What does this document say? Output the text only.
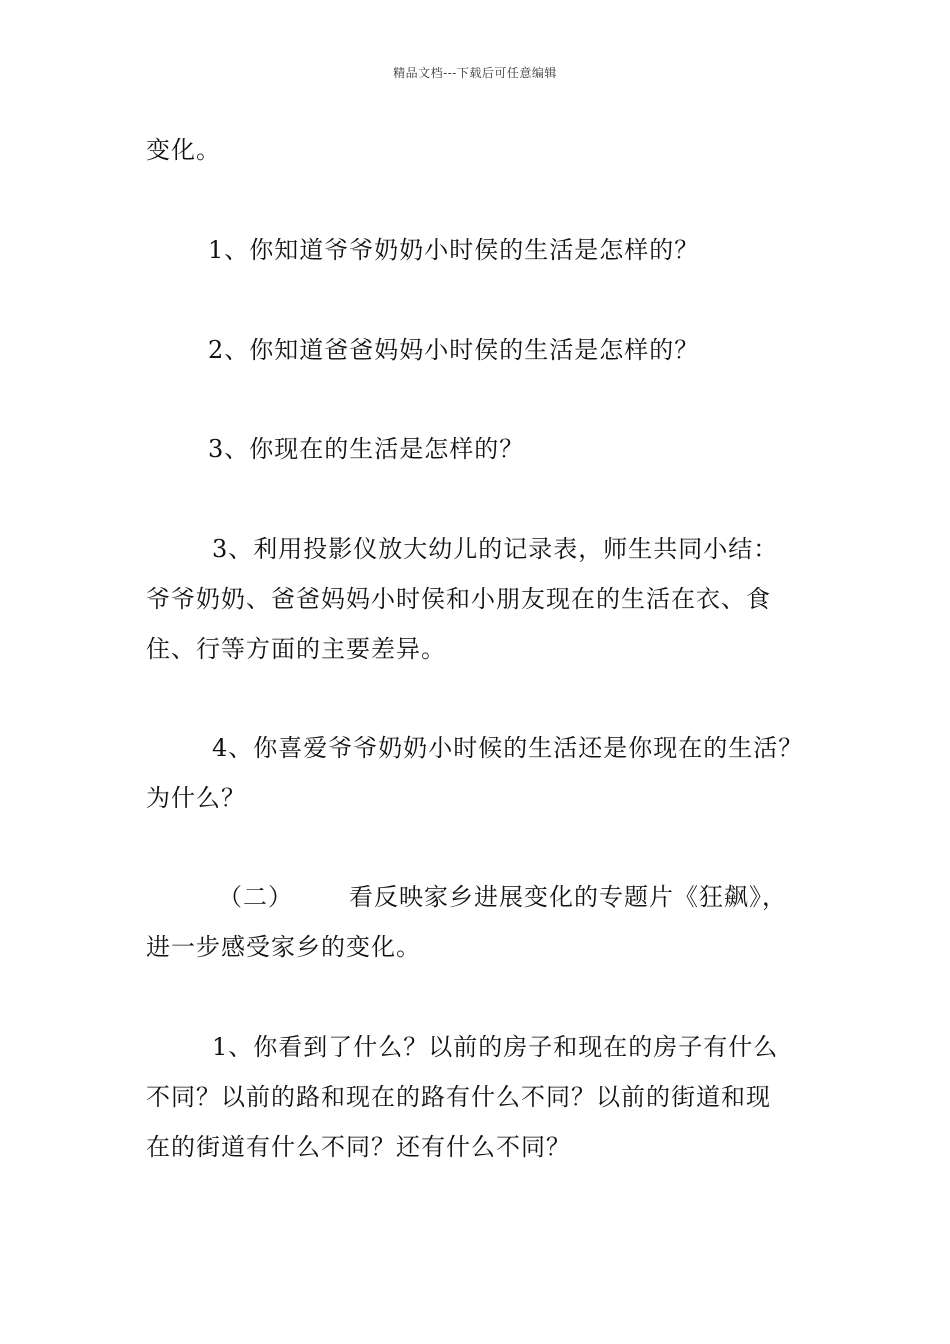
精品文档---下载后可任意编辑

变化。

1、你知道爷爷奶奶小时侯的生活是怎样的？

2、你知道爸爸妈妈小时侯的生活是怎样的？

3、你现在的生活是怎样的？

3、利用投影仪放大幼儿的记录表，师生共同小结：
爷爷奶奶、爸爸妈妈小时侯和小朋友现在的生活在衣、食
住、行等方面的主要差异。

4、你喜爱爷爷奶奶小时候的生活还是你现在的生活？
为什么？

（二） 看反映家乡进展变化的专题片《狂飙》，
进一步感受家乡的变化。

1、你看到了什么？以前的房子和现在的房子有什么
不同？以前的路和现在的路有什么不同？以前的街道和现
在的街道有什么不同？还有什么不同？
